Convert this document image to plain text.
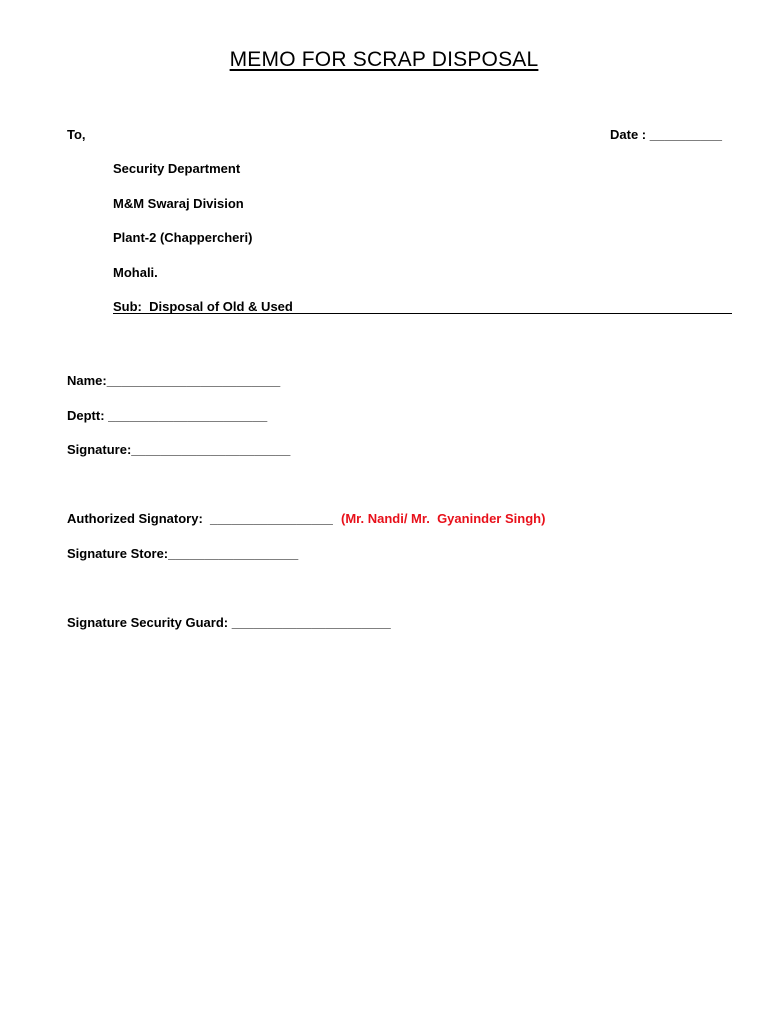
MEMO FOR SCRAP DISPOSAL
To,	Date : __________
Security Department
M&M Swaraj Division
Plant-2 (Chappercheri)
Mohali.
Sub:  Disposal of Old & Used
Name:________________________
Deptt: ______________________
Signature:______________________
Authorized Signatory:  _________________ (Mr. Nandi/ Mr.  Gyaninder Singh)
Signature Store:__________________
Signature Security Guard: ______________________
